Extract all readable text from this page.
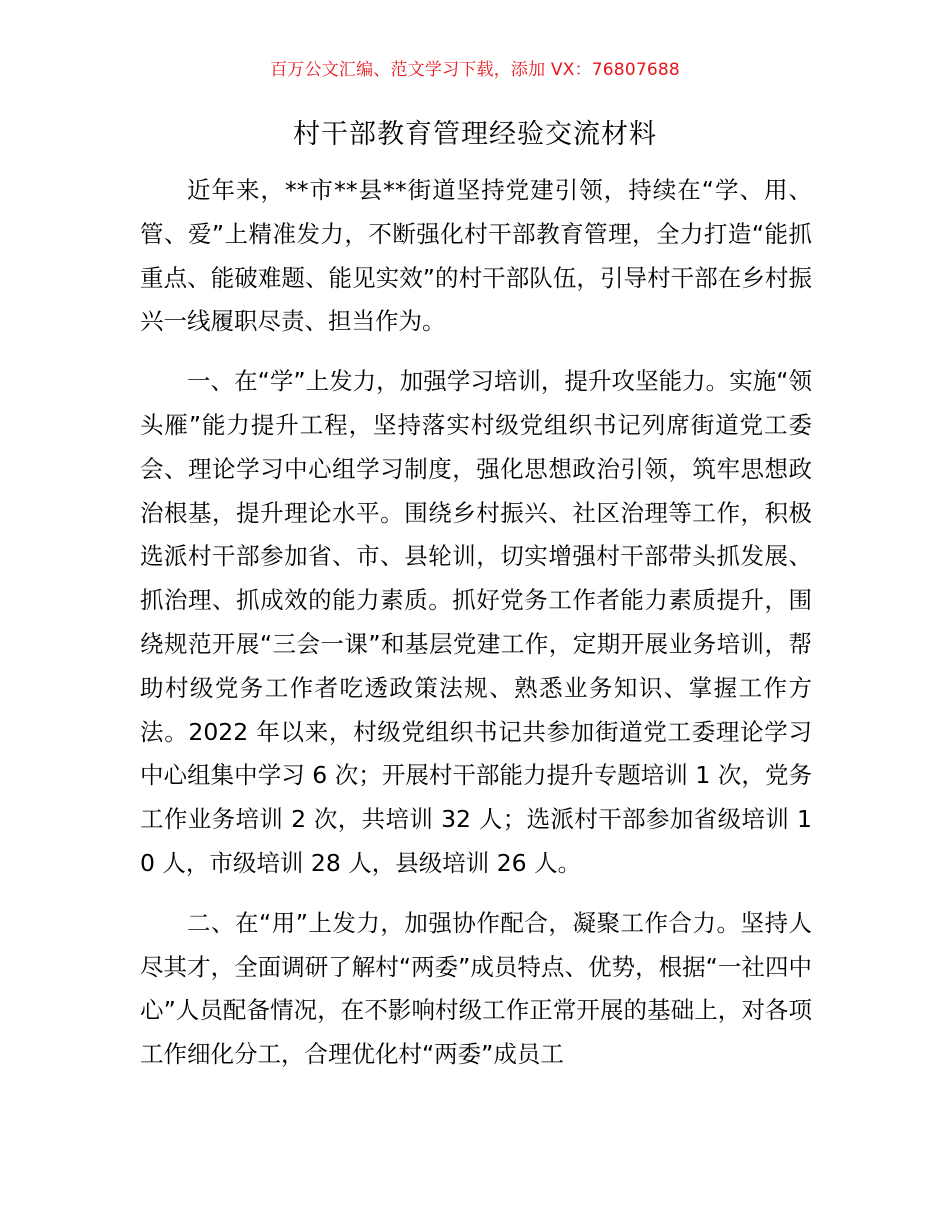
百万公文汇编、范文学习下载，添加 VX：76807688
村干部教育管理经验交流材料

近年来，**市**县**街道坚持党建引领，持续在“学、用、管、爱”上精准发力，不断强化村干部教育管理，全力打造“能抓重点、能破难题、能见实效”的村干部队伍，引导村干部在乡村振兴一线履职尽责、担当作为。

一、在“学”上发力，加强学习培训，提升攻坚能力。实施“领头雁”能力提升工程，坚持落实村级党组织书记列席街道党工委会、理论学习中心组学习制度，强化思想政治引领，筑牢思想政治根基，提升理论水平。围绕乡村振兴、社区治理等工作，积极选派村干部参加省、市、县轮训，切实增强村干部带头抓发展、抓治理、抓成效的能力素质。抓好党务工作者能力素质提升，围绕规范开展“三会一课”和基层党建工作，定期开展业务培训，帮助村级党务工作者吃透政策法规、熟悉业务知识、掌握工作方法。2022 年以来，村级党组织书记共参加街道党工委理论学习中心组集中学习 6 次；开展村干部能力提升专题培训 1 次，党务工作业务培训 2 次，共培训 32 人；选派村干部参加省级培训 10 人，市级培训 28 人，县级培训 26 人。

二、在“用”上发力，加强协作配合，凝聚工作合力。坚持人尽其才，全面调研了解村“两委”成员特点、优势，根据“一社四中心”人员配备情况，在不影响村级工作正常开展的基础上，对各项工作细化分工，合理优化村“两委”成员工
